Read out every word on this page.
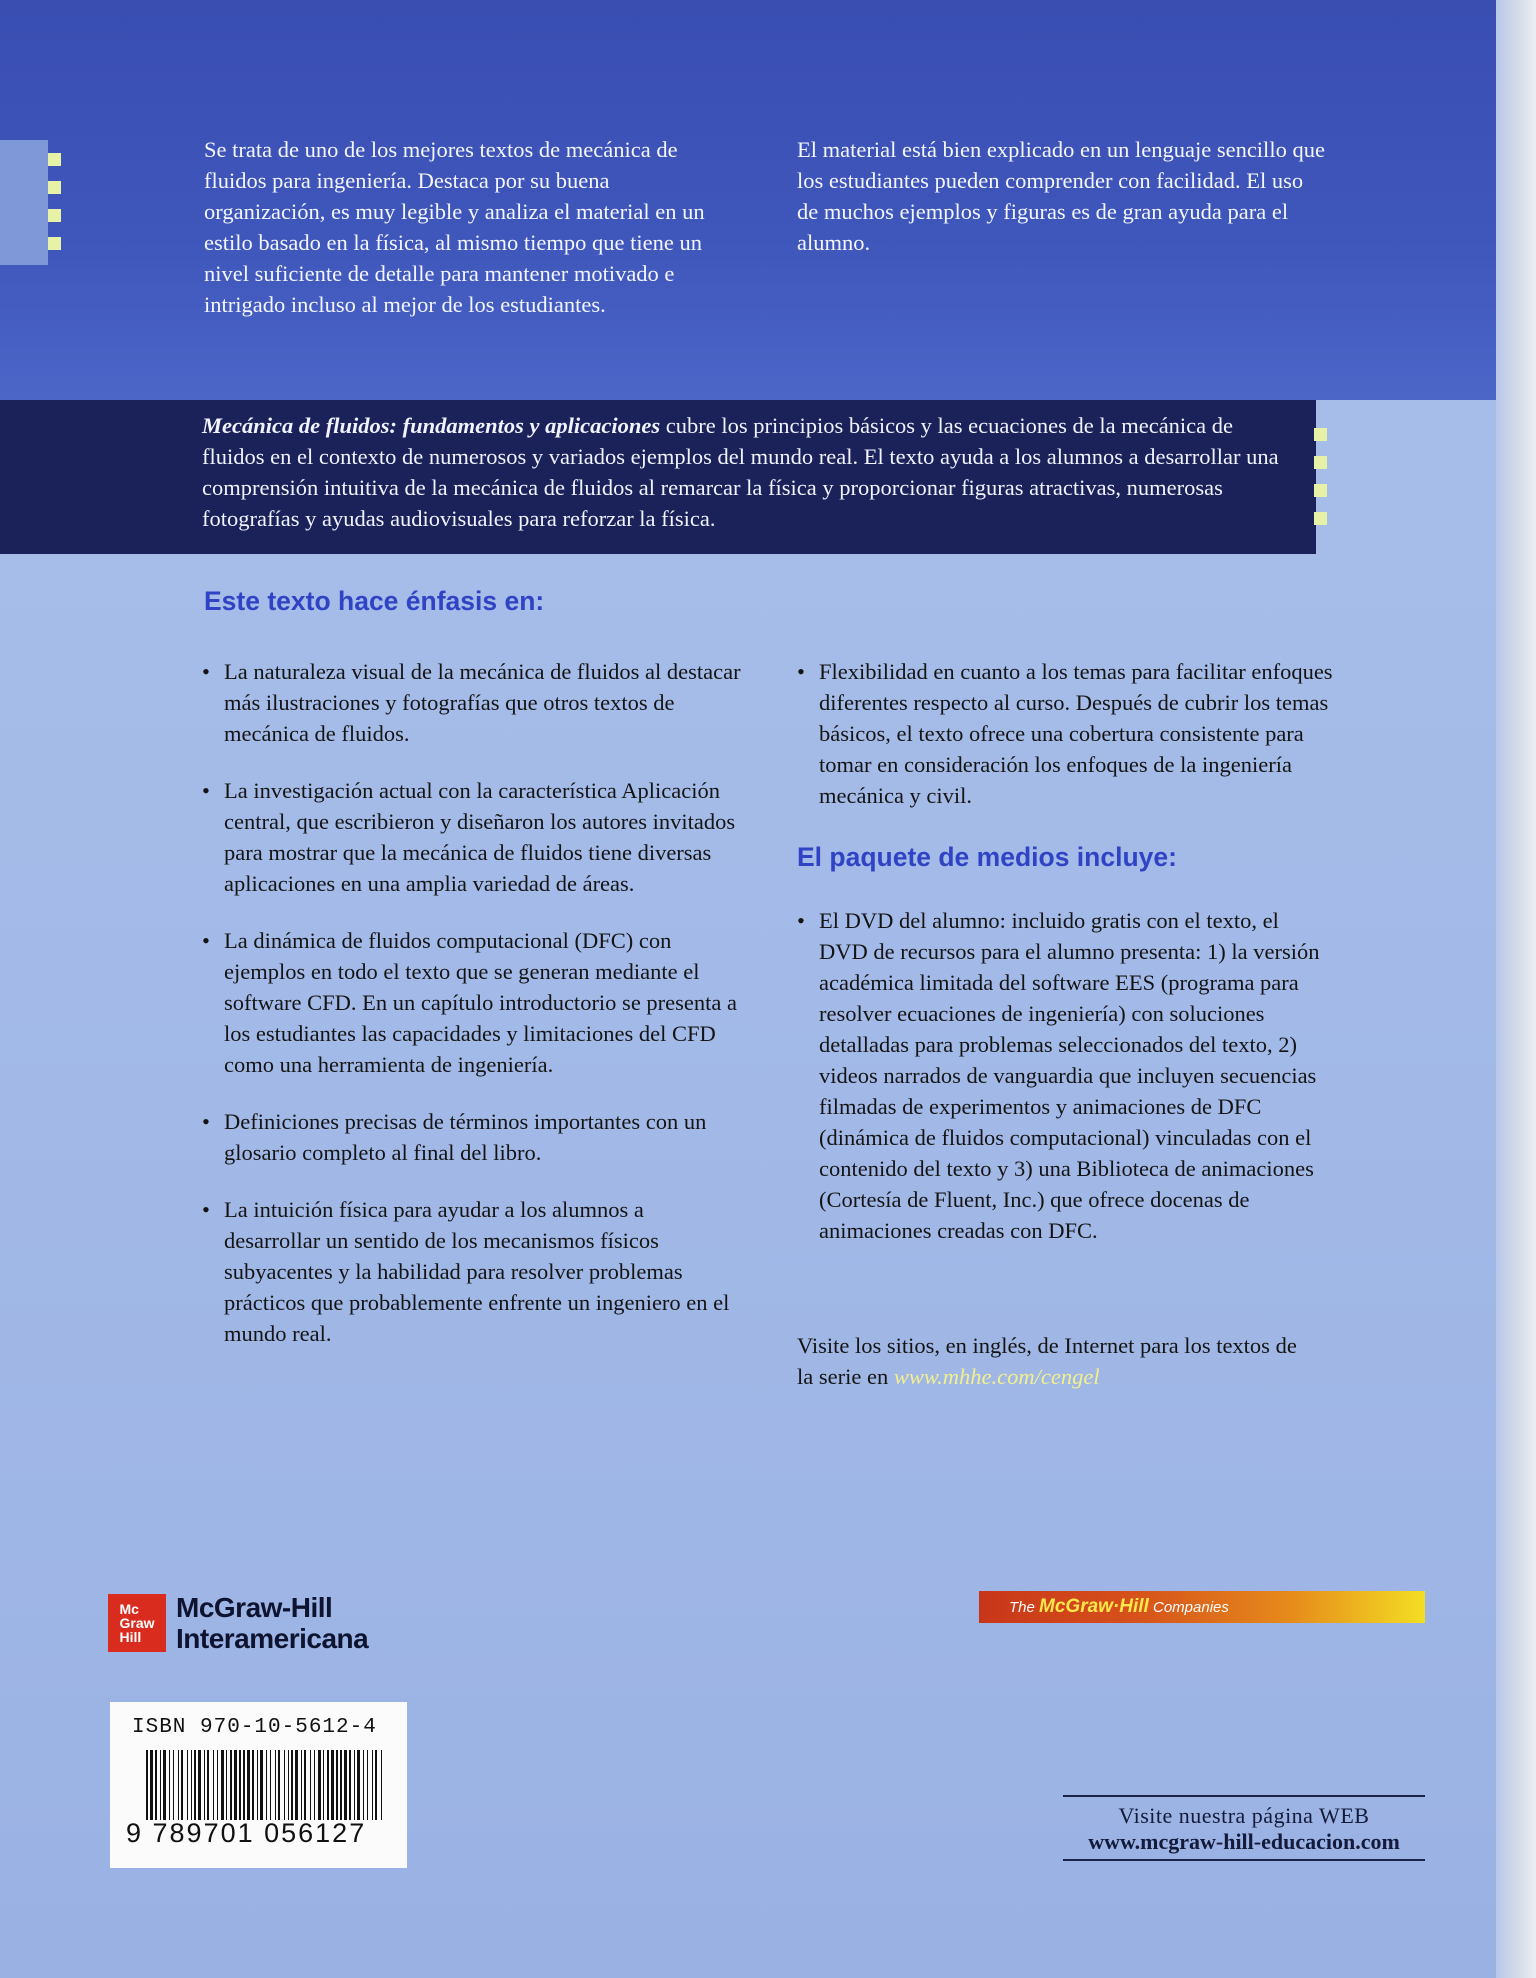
Se trata de uno de los mejores textos de mecánica de fluidos para ingeniería. Destaca por su buena organización, es muy legible y analiza el material en un estilo basado en la física, al mismo tiempo que tiene un nivel suficiente de detalle para mantener motivado e intrigado incluso al mejor de los estudiantes.

El material está bien explicado en un lenguaje sencillo que los estudiantes pueden comprender con facilidad. El uso de muchos ejemplos y figuras es de gran ayuda para el alumno.

Mecánica de fluidos: fundamentos y aplicaciones cubre los principios básicos y las ecuaciones de la mecánica de fluidos en el contexto de numerosos y variados ejemplos del mundo real. El texto ayuda a los alumnos a desarrollar una comprensión intuitiva de la mecánica de fluidos al remarcar la física y proporcionar figuras atractivas, numerosas fotografías y ayudas audiovisuales para reforzar la física.

Este texto hace énfasis en:
• La naturaleza visual de la mecánica de fluidos al destacar más ilustraciones y fotografías que otros textos de mecánica de fluidos.
• La investigación actual con la característica Aplicación central, que escribieron y diseñaron los autores invitados para mostrar que la mecánica de fluidos tiene diversas aplicaciones en una amplia variedad de áreas.
• La dinámica de fluidos computacional (DFC) con ejemplos en todo el texto que se generan mediante el software CFD. En un capítulo introductorio se presenta a los estudiantes las capacidades y limitaciones del CFD como una herramienta de ingeniería.
• Definiciones precisas de términos importantes con un glosario completo al final del libro.
• La intuición física para ayudar a los alumnos a desarrollar un sentido de los mecanismos físicos subyacentes y la habilidad para resolver problemas prácticos que probablemente enfrente un ingeniero en el mundo real.
• Flexibilidad en cuanto a los temas para facilitar enfoques diferentes respecto al curso. Después de cubrir los temas básicos, el texto ofrece una cobertura consistente para tomar en consideración los enfoques de la ingeniería mecánica y civil.
El paquete de medios incluye:
• El DVD del alumno: incluido gratis con el texto, el DVD de recursos para el alumno presenta: 1) la versión académica limitada del software EES (programa para resolver ecuaciones de ingeniería) con soluciones detalladas para problemas seleccionados del texto, 2) videos narrados de vanguardia que incluyen secuencias filmadas de experimentos y animaciones de DFC (dinámica de fluidos computacional) vinculadas con el contenido del texto y 3) una Biblioteca de animaciones (Cortesía de Fluent, Inc.) que ofrece docenas de animaciones creadas con DFC.

Visite los sitios, en inglés, de Internet para los textos de la serie en www.mhhe.com/cengel

Mc
Graw
Hill

McGraw-Hill
Interamericana

The McGraw·Hill Companies

ISBN 970-10-5612-4

9 789701 056127

Visite nuestra página WEB

www.mcgraw-hill-educacion.com
